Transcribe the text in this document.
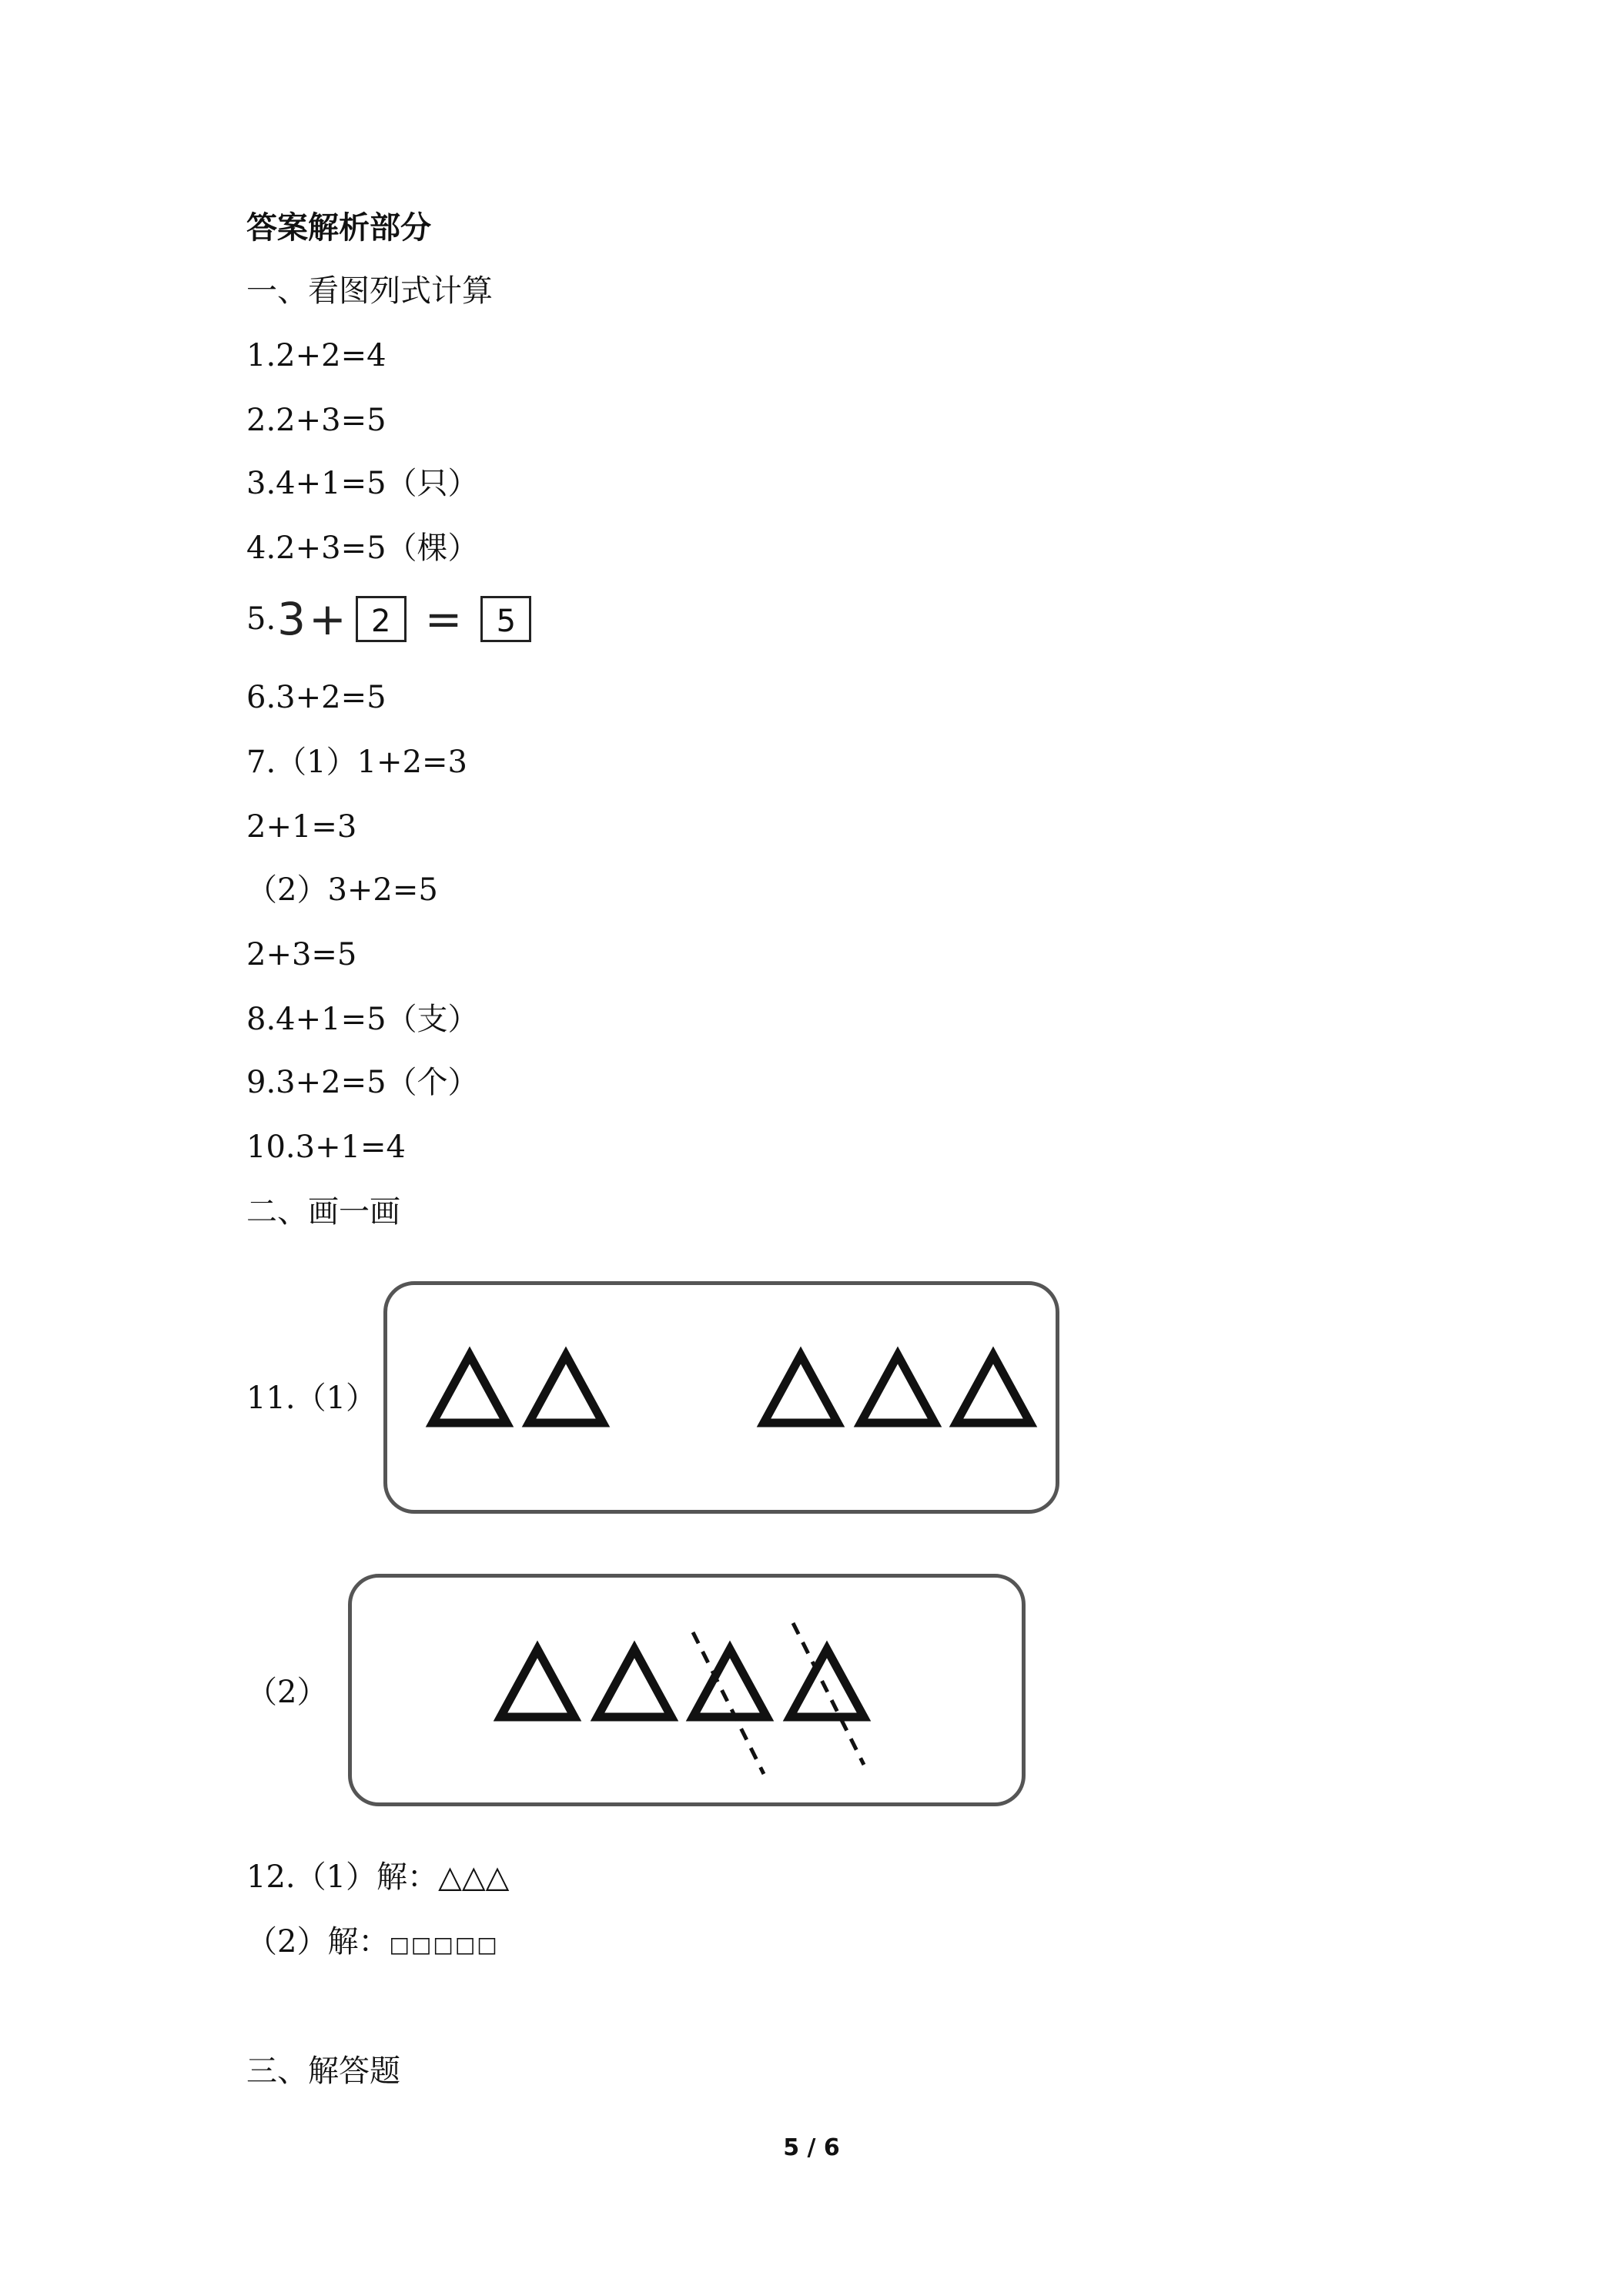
答案解析部分
一、看图列式计算
1.2+2=4
2.2+3=5
3.4+1=5（只）
4.2+3=5（棵）
5. 3 + 2 =	5
6.3+2=5
7.（1）1+2=3
2+1=3
（2）3+2=5
2+3=5
8.4+1=5（支）
9.3+2=5（个）
10.3+1=4
二、画一画
11.（1）
（2）
12.（1）解：△△△
（2）解：□□□□□
三、解答题
5 / 6
